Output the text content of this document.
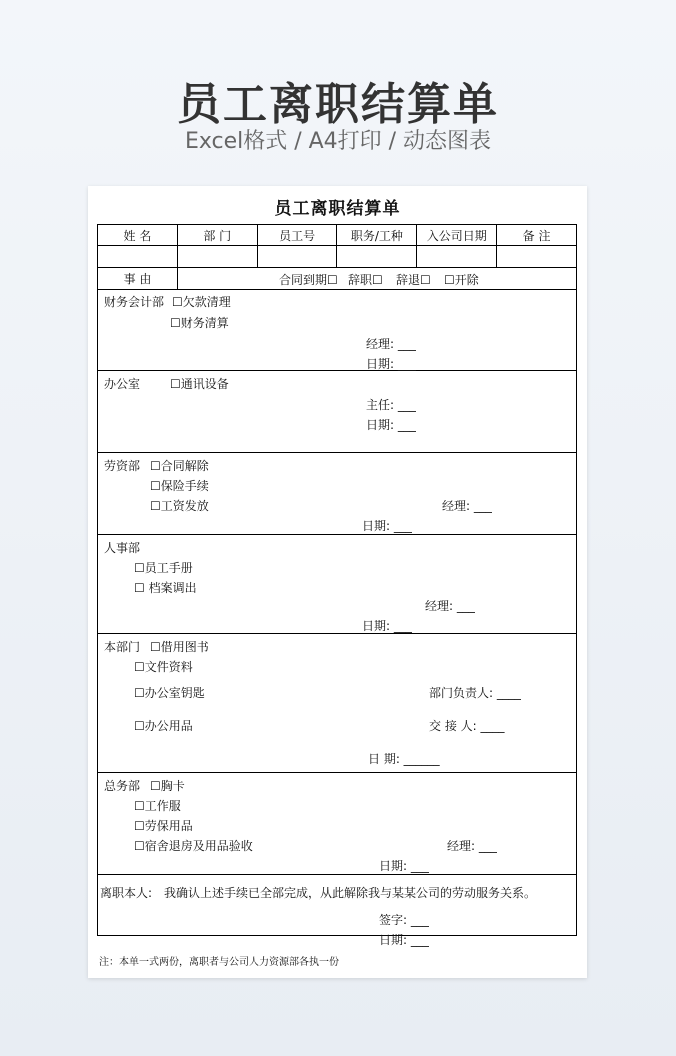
员工离职结算单
Excel格式 / A4打印 / 动态图表
员工离职结算单
姓 名	部 门	员工号	职务/工种	入公司日期	备 注
事 由	合同到期☐ 辞职☐ 辞退☐ ☐开除
财务会计部 ☐欠款清理
☐财务清算
经理: ___
日期: ___
办公室 ☐通讯设备
主任: ___
日期: ___
劳资部 ☐合同解除
☐保险手续
☐工资发放	经理: ___
日期: ___
人事部
☐员工手册
☐ 档案调出
经理: ___
日期: ___
本部门 ☐借用图书
☐文件资料
☐办公室钥匙
☐办公用品
部门负责人: ____
交 接 人: ____
日 期: ______
总务部 ☐胸卡
☐工作服
☐劳保用品
☐宿舍退房及用品验收	经理: ___
日期: ___
离职本人: 我确认上述手续已全部完成，从此解除我与某某公司的劳动服务关系。
签字: ___
日期: ___
注：本单一式两份，离职者与公司人力资源部各执一份
